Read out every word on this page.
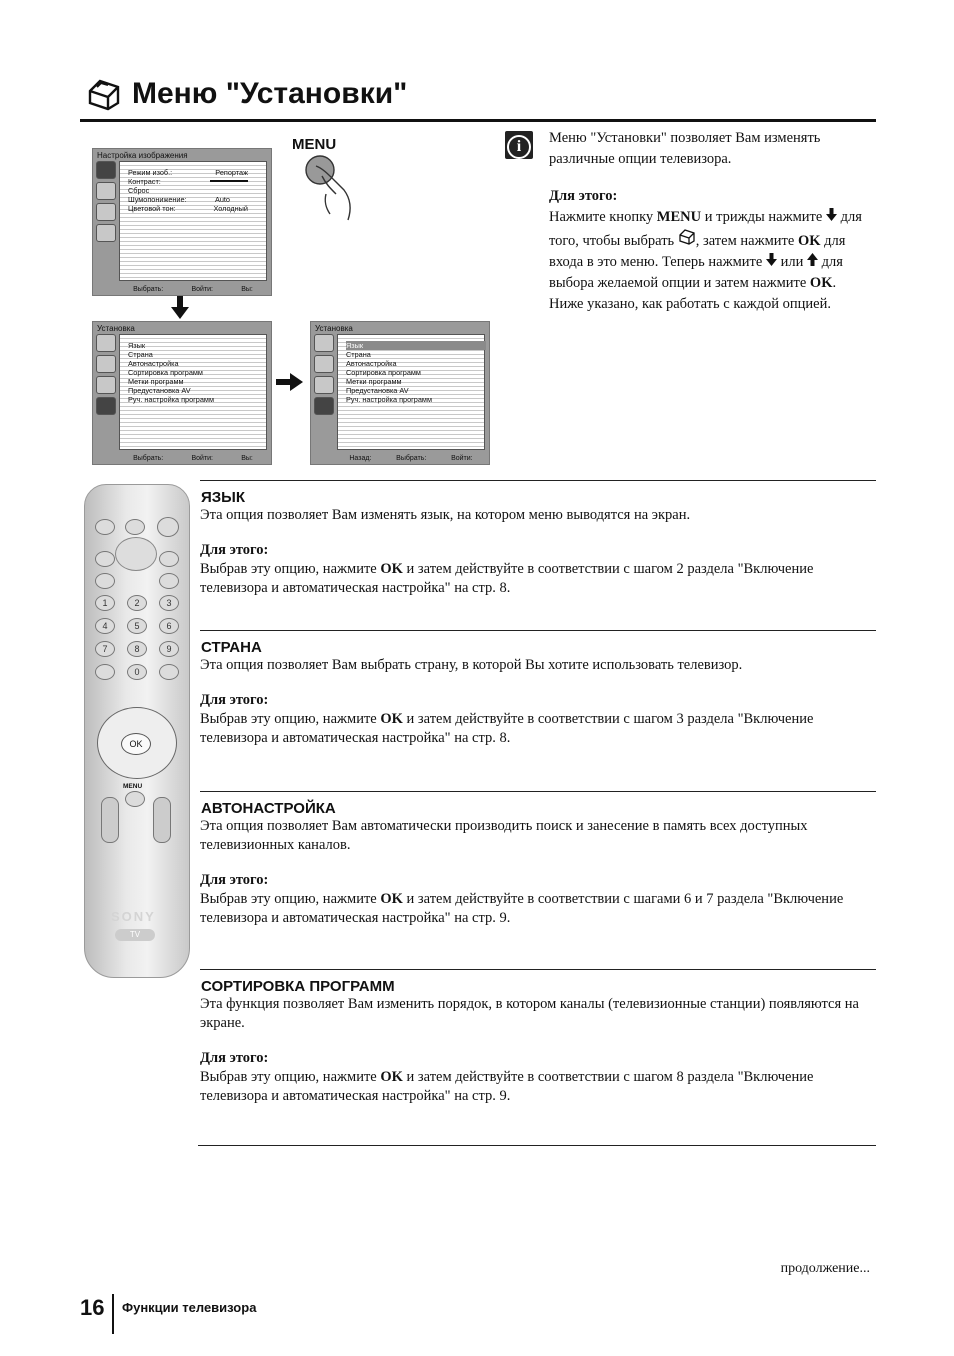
Меню "Установки"
Настройка изображения
Режим изоб.:	Репортаж
Контраст:
Сброс
Шумопонижение:	Auto
Цветовой тон:	Холодный
Выбрать:	Войти:	Вы:
MENU
Установка
Язык
Страна
Автонастройка
Сортировка программ
Метки программ
Предустановка AV
Руч. настройка программ
Выбрать:	Войти:	Вы:
Установка
Язык
Страна
Автонастройка
Сортировка программ
Метки программ
Предустановка AV
Руч. настройка программ
Назад:	Выбрать:	Войти:
i	Меню "Установки" позволяет Вам изменять различные опции телевизора.

Для этого:

Нажмите кнопку MENU и трижды нажмите  для того, чтобы выбрать , затем нажмите OK для входа в это меню. Теперь нажмите  или  для выбора желаемой опции и затем нажмите OK. Ниже указано, как работать с каждой опцией.

1	2	3
4	5	6
7	8	9
0
OK
MENU
SONY
TV
ЯЗЫК

Эта опция позволяет Вам изменять язык, на котором меню выводятся на экран.

Для этого:

Выбрав эту опцию, нажмите OK и затем действуйте в соответствии с шагом 2 раздела "Включение телевизора и автоматическая настройка" на стр. 8.

СТРАНА

Эта опция позволяет Вам выбрать страну, в которой Вы хотите использовать телевизор.

Для этого:

Выбрав эту опцию, нажмите OK и затем действуйте в соответствии с шагом 3 раздела "Включение телевизора и автоматическая настройка" на стр. 8.

АВТОНАСТРОЙКА

Эта опция позволяет Вам автоматически производить поиск и занесение в память всех доступных телевизионных каналов.

Для этого:

Выбрав эту опцию, нажмите OK и затем действуйте в соответствии с шагами 6 и 7 раздела "Включение телевизора и автоматическая настройка" на стр. 9.

СОРТИРОВКА ПРОГРАММ

Эта функция позволяет Вам изменить порядок, в котором каналы (телевизионные станции) появляются на экране.

Для этого:

Выбрав эту опцию, нажмите OK и затем действуйте в соответствии с шагом 8 раздела "Включение телевизора и автоматическая настройка" на стр. 9.

продолжение...
16 Функции телевизора
